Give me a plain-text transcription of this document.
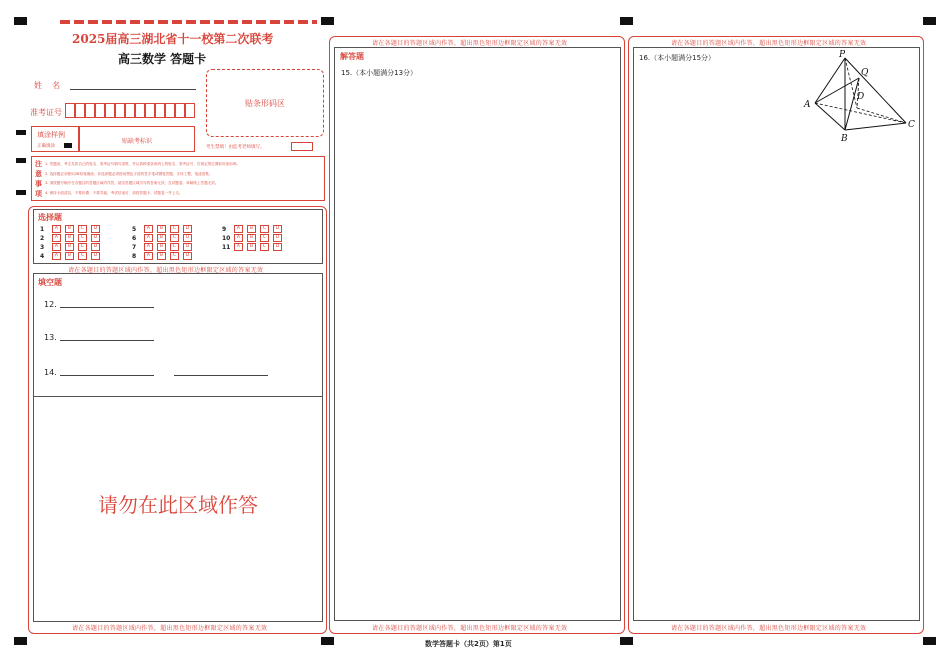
2025届高三湖北省十一校第二次联考
高三数学 答题卡
姓    名
准考证号
贴条形码区
填涂样例
正确填涂
贴缺考标识
考生禁填！由监考老师填写。
注
意
事
项
1. 答题前，考生先将自己的姓名、准考证号填写清楚，并认真核准条形码上的姓名、准考证号，在规定的位置贴好条形码。
2. 选择题必须使用2B铅笔填涂；非选择题必须使用黑色字迹的签字笔或钢笔答题，字体工整，笔迹清楚。
3. 请按题号顺序在各题目的答题区域内作答，超出答题区域书写的答案无效；在试题卷、草稿纸上答题无效。
4. 保持卡面清洁，不要折叠、不要弄破，考试结束后，请将答题卡、试题卷一并上交。
选择题
1 A B C D
2 A B C D
3 A B C D
4 A B C D
5 A B C D
6 A B C D
7 A B C D
8 A B C D
9 A B C D
10 A B C D
11 A B C D
请在各题目的答题区域内作答，超出黑色矩形边框限定区域的答案无效
填空题
12.
13.
14.
请勿在此区域作答
请在各题目的答题区域内作答，超出黑色矩形边框限定区域的答案无效
请在各题目的答题区域内作答，超出黑色矩形边框限定区域的答案无效
解答题
15.（本小题满分13分）
请在各题目的答题区域内作答，超出黑色矩形边框限定区域的答案无效
请在各题目的答题区域内作答，超出黑色矩形边框限定区域的答案无效
16.（本小题满分15分）	P
Q
D
A
B
C
请在各题目的答题区域内作答，超出黑色矩形边框限定区域的答案无效
数学答题卡（共2页）第1页
